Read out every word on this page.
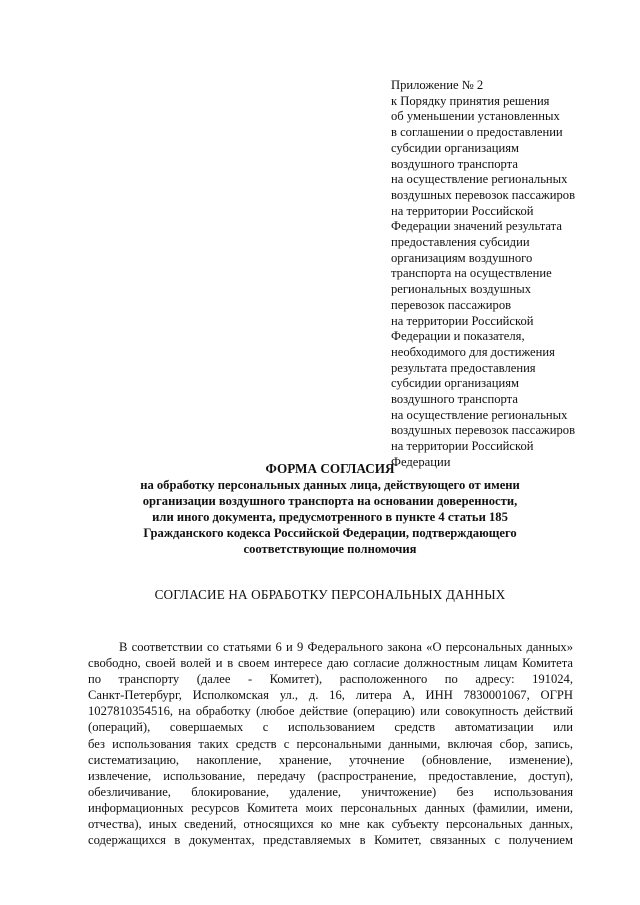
Приложение № 2
к Порядку принятия решения
об уменьшении установленных
в соглашении о предоставлении
субсидии организациям
воздушного транспорта
на осуществление региональных
воздушных перевозок пассажиров
на территории Российской
Федерации значений результата
предоставления субсидии
организациям воздушного
транспорта на осуществление
региональных воздушных
перевозок пассажиров
на территории Российской
Федерации и показателя,
необходимого для достижения
результата предоставления
субсидии организациям
воздушного транспорта
на осуществление региональных
воздушных перевозок пассажиров
на территории Российской
Федерации
ФОРМА СОГЛАСИЯ
на обработку персональных данных лица, действующего от имени
организации воздушного транспорта на основании доверенности,
или иного документа, предусмотренного в пункте 4 статьи 185
Гражданского кодекса Российской Федерации, подтверждающего
соответствующие полномочия
СОГЛАСИЕ НА ОБРАБОТКУ ПЕРСОНАЛЬНЫХ ДАННЫХ
В соответствии со статьями 6 и 9 Федерального закона «О персональных данных»
свободно, своей волей и в своем интересе даю согласие должностным лицам Комитета
по транспорту (далее - Комитет), расположенного по адресу: 191024,
Санкт-Петербург, Исполкомская ул., д. 16, литера А, ИНН 7830001067, ОГРН
1027810354516, на обработку (любое действие (операцию) или совокупность действий
(операций), совершаемых с использованием средств автоматизации или
без использования таких средств с персональными данными, включая сбор, запись,
систематизацию, накопление, хранение, уточнение (обновление, изменение),
извлечение, использование, передачу (распространение, предоставление, доступ),
обезличивание, блокирование, удаление, уничтожение) без использования
информационных ресурсов Комитета моих персональных данных (фамилии, имени,
отчества), иных сведений, относящихся ко мне как субъекту персональных данных,
содержащихся в документах, представляемых в Комитет, связанных с получением
